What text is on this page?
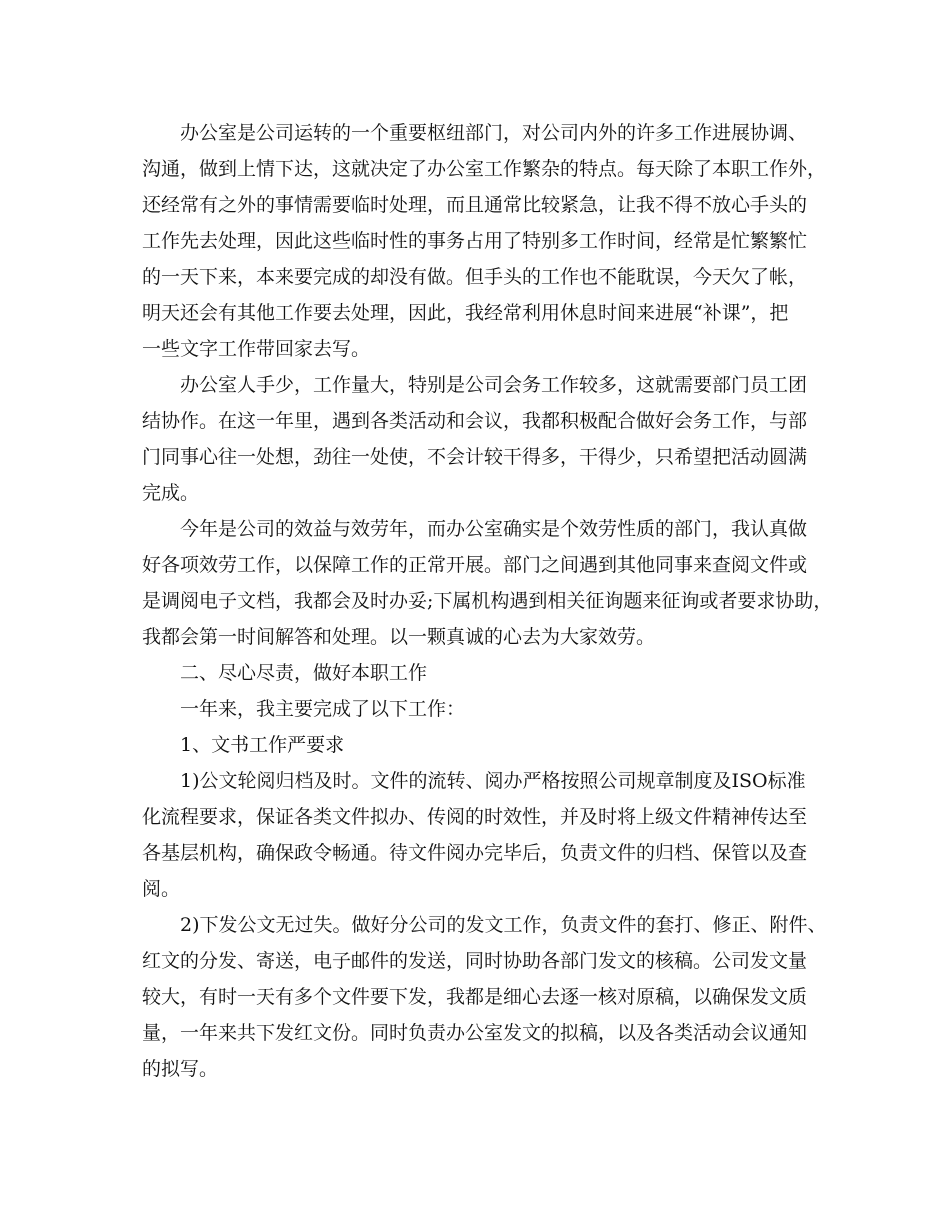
办公室是公司运转的一个重要枢纽部门，对公司内外的许多工作进展协调、
沟通，做到上情下达，这就决定了办公室工作繁杂的特点。每天除了本职工作外，
还经常有之外的事情需要临时处理，而且通常比较紧急，让我不得不放心手头的
工作先去处理，因此这些临时性的事务占用了特别多工作时间，经常是忙繁繁忙
的一天下来，本来要完成的却没有做。但手头的工作也不能耽误，今天欠了帐，
明天还会有其他工作要去处理，因此，我经常利用休息时间来进展“补课”，把
一些文字工作带回家去写。
办公室人手少，工作量大，特别是公司会务工作较多，这就需要部门员工团
结协作。在这一年里，遇到各类活动和会议，我都积极配合做好会务工作，与部
门同事心往一处想，劲往一处使，不会计较干得多，干得少，只希望把活动圆满
完成。
今年是公司的效益与效劳年，而办公室确实是个效劳性质的部门，我认真做
好各项效劳工作，以保障工作的正常开展。部门之间遇到其他同事来查阅文件或
是调阅电子文档，我都会及时办妥;下属机构遇到相关征询题来征询或者要求协助，
我都会第一时间解答和处理。以一颗真诚的心去为大家效劳。
二、尽心尽责，做好本职工作
一年来，我主要完成了以下工作：
1、文书工作严要求
1)公文轮阅归档及时。文件的流转、阅办严格按照公司规章制度及ISO标准
化流程要求，保证各类文件拟办、传阅的时效性，并及时将上级文件精神传达至
各基层机构，确保政令畅通。待文件阅办完毕后，负责文件的归档、保管以及查
阅。
2)下发公文无过失。做好分公司的发文工作，负责文件的套打、修正、附件、
红文的分发、寄送，电子邮件的发送，同时协助各部门发文的核稿。公司发文量
较大，有时一天有多个文件要下发，我都是细心去逐一核对原稿，以确保发文质
量，一年来共下发红文份。同时负责办公室发文的拟稿，以及各类活动会议通知
的拟写。
